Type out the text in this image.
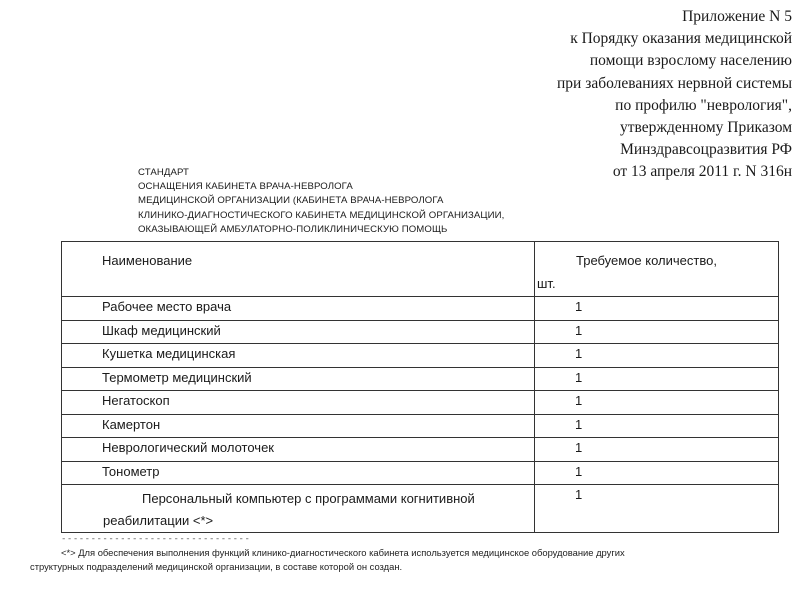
Приложение N 5
к Порядку оказания медицинской
помощи взрослому населению
при заболеваниях нервной системы
по профилю "неврология",
утвержденному Приказом
Минздравсоцразвития РФ
от 13 апреля 2011 г. N 316н
СТАНДАРТ
ОСНАЩЕНИЯ КАБИНЕТА ВРАЧА-НЕВРОЛОГА
МЕДИЦИНСКОЙ ОРГАНИЗАЦИИ (КАБИНЕТА ВРАЧА-НЕВРОЛОГА
КЛИНИКО-ДИАГНОСТИЧЕСКОГО КАБИНЕТА МЕДИЦИНСКОЙ ОРГАНИЗАЦИИ,
ОКАЗЫВАЮЩЕЙ АМБУЛАТОРНО-ПОЛИКЛИНИЧЕСКУЮ ПОМОЩЬ
Наименование	Требуемое количество,
шт.

Рабочее место врача	1

Шкаф медицинский	1

Кушетка медицинская	1

Термометр медицинский	1

Негатоскоп	1

Камертон	1

Неврологический молоточек	1

Тонометр	1

Персональный компьютер с программами когнитивной
реабилитации <*>	1
--------------------------------
<*> Для обеспечения выполнения функций клинико-диагностического кабинета используется медицинское оборудование других
структурных подразделений медицинской организации, в составе которой он создан.
